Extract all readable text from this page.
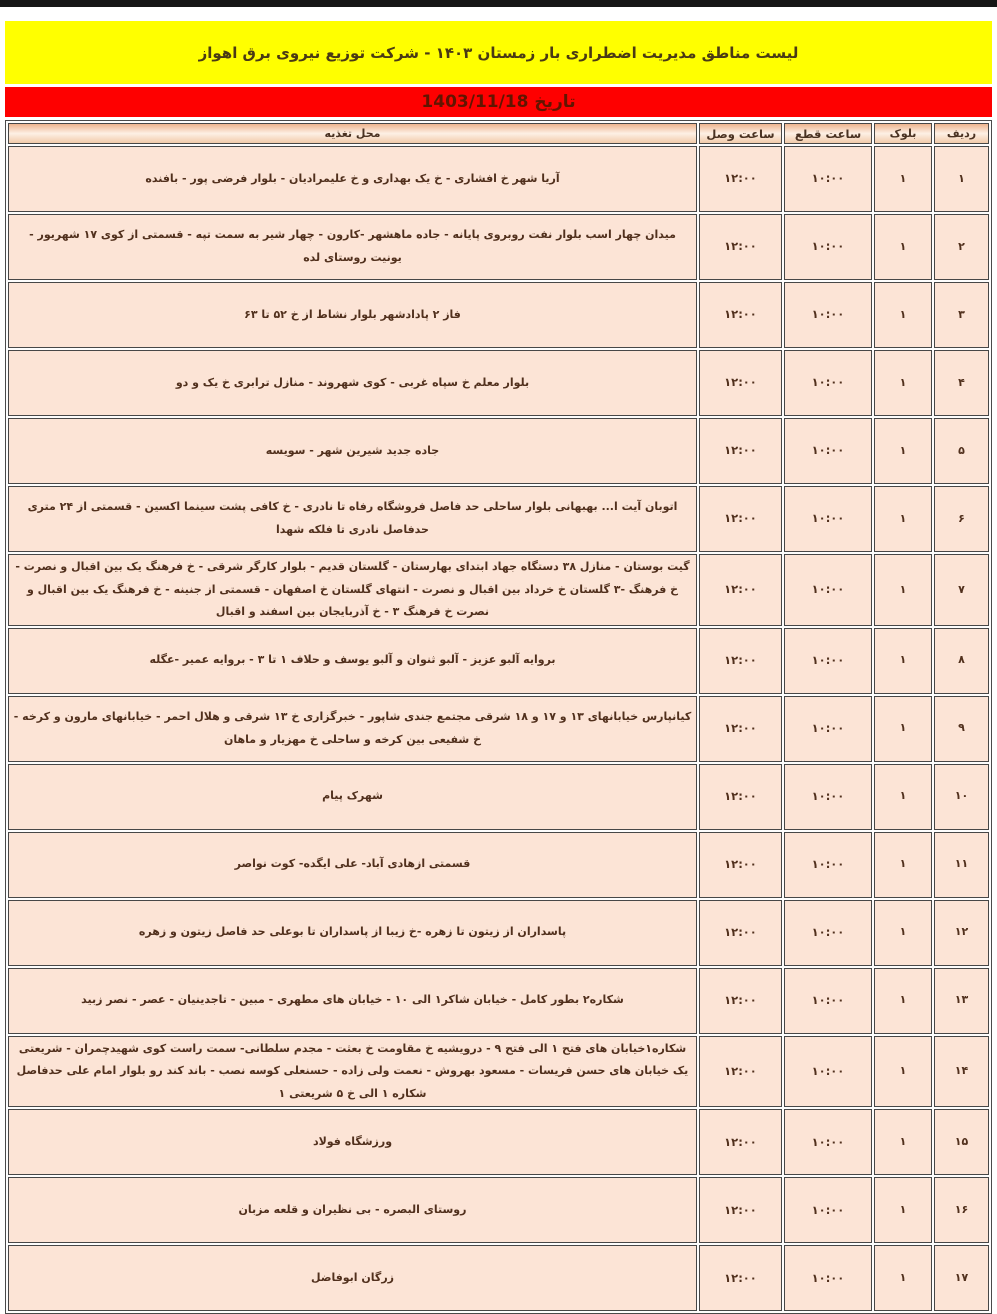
لیست مناطق مدیریت اضطراری بار زمستان ۱۴۰۳ - شرکت توزیع نیروی برق اهواز
تاریخ 1403/11/18
ردیف	بلوک	ساعت قطع	ساعت وصل	محل تغذیه
۱	۱	۱۰:۰۰	۱۲:۰۰	آریا شهر خ افشاری - خ یک بهداری و خ علیمرادیان - بلوار فرضی پور - بافنده
۲	۱	۱۰:۰۰	۱۲:۰۰	میدان چهار اسب بلوار نفت روبروی پایانه - جاده ماهشهر -کارون - چهار شیر به سمت تپه - قسمتی از کوی ۱۷ شهریور - یونیت روستای لده
۳	۱	۱۰:۰۰	۱۲:۰۰	فاز ۲ پادادشهر بلوار نشاط از خ ۵۲ تا ۶۳
۴	۱	۱۰:۰۰	۱۲:۰۰	بلوار معلم خ سپاه غربی - کوی شهروند - منازل ترابری خ یک و دو
۵	۱	۱۰:۰۰	۱۲:۰۰	جاده جدید شیرین شهر - سویسه
۶	۱	۱۰:۰۰	۱۲:۰۰	اتوبان آیت ا... بهبهانی بلوار ساحلی حد فاصل فروشگاه رفاه تا نادری - خ کافی پشت سینما اکسین - قسمتی از ۲۴ متری حدفاصل نادری تا فلکه شهدا
۷	۱	۱۰:۰۰	۱۲:۰۰	گیت بوستان - منازل ۳۸ دستگاه جهاد ابتدای بهارستان - گلستان قدیم - بلوار کارگر شرقی - خ فرهنگ یک بین اقبال و نصرت - خ فرهنگ -۳ گلستان خ خرداد بین اقبال و نصرت - انتهای گلستان خ اصفهان - قسمتی از جنینه - خ فرهنگ یک بین اقبال و نصرت خ فرهنگ ۳ - خ آذربایجان بین اسفند و اقبال
۸	۱	۱۰:۰۰	۱۲:۰۰	بروایه آلبو عزیز - آلبو ثنوان و آلبو یوسف و حلاف ۱ تا ۳ - بروایه عمیر -عگله
۹	۱	۱۰:۰۰	۱۲:۰۰	کیانپارس خیابانهای ۱۳ و ۱۷ و ۱۸ شرقی مجتمع جندی شاپور - خبرگزاری خ ۱۳ شرقی و هلال احمر - خیابانهای مارون و کرخه - خ شفیعی بین کرخه و ساحلی خ مهزیار و ماهان
۱۰	۱	۱۰:۰۰	۱۲:۰۰	شهرک پیام
۱۱	۱	۱۰:۰۰	۱۲:۰۰	قسمتی ازهادی آباد- علی ایگده- کوت نواصر
۱۲	۱	۱۰:۰۰	۱۲:۰۰	پاسداران از زیتون تا زهره -خ زیبا از پاسداران تا بوعلی حد فاصل زیتون و زهره
۱۳	۱	۱۰:۰۰	۱۲:۰۰	شکاره۲ بطور کامل - خیابان شاکر۱ الی ۱۰ - خیابان های مطهری - مبین - تاجدینیان - عصر - نصر زبید
۱۴	۱	۱۰:۰۰	۱۲:۰۰	شکاره۱خیابان های فتح ۱ الی فتح ۹ - درویشیه خ مقاومت خ بعثت - مجدم سلطانی- سمت راست کوی شهیدچمران - شریعتی یک خیابان های حسن فریسات - مسعود بهروش - نعمت ولی زاده - حسنعلی کوسه نصب - باند کند رو بلوار امام علی حدفاصل شکاره ۱ الی خ ۵ شریعتی ۱
۱۵	۱	۱۰:۰۰	۱۲:۰۰	ورزشگاه فولاد
۱۶	۱	۱۰:۰۰	۱۲:۰۰	روستای البصره - بی نظیران و قلعه مزبان
۱۷	۱	۱۰:۰۰	۱۲:۰۰	زرگان ابوفاضل
